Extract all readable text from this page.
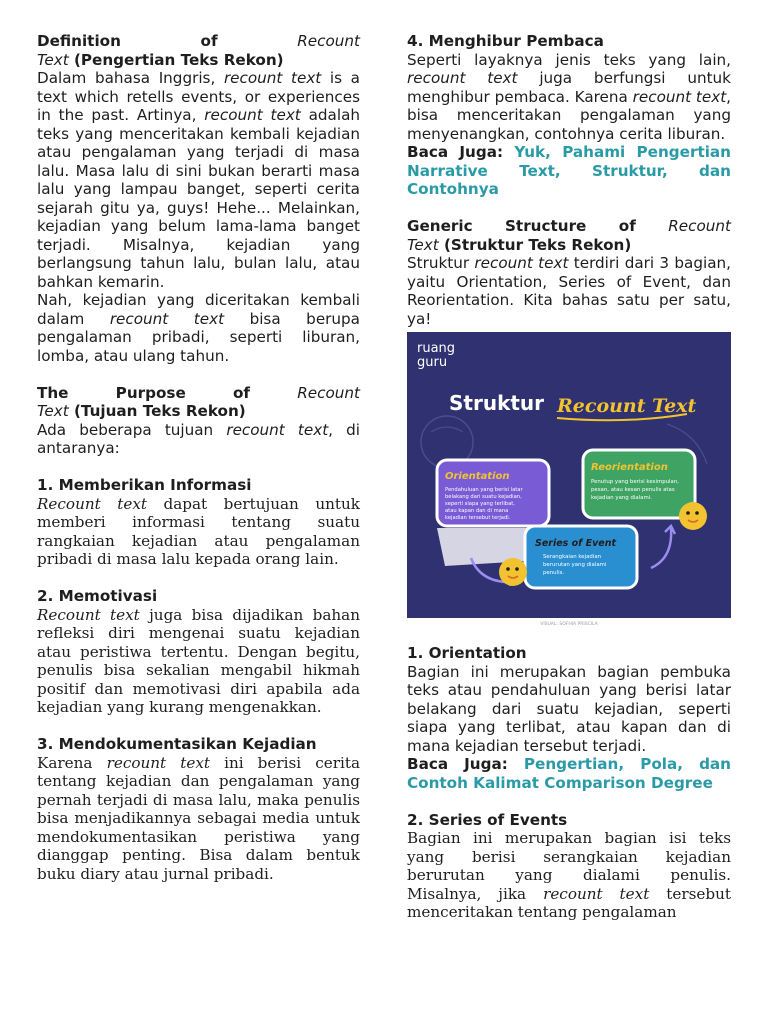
Definition of Recount
Text (Pengertian Teks Rekon)

Dalam bahasa Inggris, recount text is a text which retells events, or experiences in the past. Artinya, recount text adalah teks yang menceritakan kembali kejadian atau pengalaman yang terjadi di masa lalu. Masa lalu di sini bukan berarti masa lalu yang lampau banget, seperti cerita sejarah gitu ya, guys! Hehe... Melainkan, kejadian yang belum lama-lama banget terjadi. Misalnya, kejadian yang berlangsung tahun lalu, bulan lalu, atau bahkan kemarin.

Nah, kejadian yang diceritakan kembali dalam recount text bisa berupa pengalaman pribadi, seperti liburan, lomba, atau ulang tahun.

The Purpose of Recount
Text (Tujuan Teks Rekon)

Ada beberapa tujuan recount text, di antaranya:

1. Memberikan Informasi

Recount text dapat bertujuan untuk memberi informasi tentang suatu rangkaian kejadian atau pengalaman pribadi di masa lalu kepada orang lain.

2. Memotivasi

Recount text juga bisa dijadikan bahan refleksi diri mengenai suatu kejadian atau peristiwa tertentu. Dengan begitu, penulis bisa sekalian mengabil hikmah positif dan memotivasi diri apabila ada kejadian yang kurang mengenakkan.

3. Mendokumentasikan Kejadian

Karena recount text ini berisi cerita tentang kejadian dan pengalaman yang pernah terjadi di masa lalu, maka penulis bisa menjadikannya sebagai media untuk mendokumentasikan peristiwa yang dianggap penting. Bisa dalam bentuk buku diary atau jurnal pribadi.

4. Menghibur Pembaca

Seperti layaknya jenis teks yang lain, recount text juga berfungsi untuk menghibur pembaca. Karena recount text, bisa menceritakan pengalaman yang menyenangkan, contohnya cerita liburan.

Baca Juga: Yuk, Pahami Pengertian Narrative Text, Struktur, dan Contohnya

Generic Structure of Recount
Text (Struktur Teks Rekon)

Struktur recount text terdiri dari 3 bagian, yaitu Orientation, Series of Event, dan Reorientation. Kita bahas satu per satu, ya!

ruang
guru
Struktur Recount Text
Reorientation
Penutup yang berisi kesimpulan,
pesan, atau kesan penulis atas
kejadian yang dialami.
Orientation
Pendahuluan yang berisi latar
belakang dari suatu kejadian,
seperti siapa yang terlibat,
atau kapan dan di mana
kejadian tersebut terjadi.
Series of Event
Serangkaian kejadian
berurutan yang dialami
penulis.
VISUAL: SOFHIA PRISCILA
1. Orientation

Bagian ini merupakan bagian pembuka teks atau pendahuluan yang berisi latar belakang dari suatu kejadian, seperti siapa yang terlibat, atau kapan dan di mana kejadian tersebut terjadi.

Baca Juga: Pengertian, Pola, dan Contoh Kalimat Comparison Degree

2. Series of Events

Bagian ini merupakan bagian isi teks yang berisi serangkaian kejadian berurutan yang dialami penulis. Misalnya, jika recount text tersebut menceritakan tentang pengalaman
